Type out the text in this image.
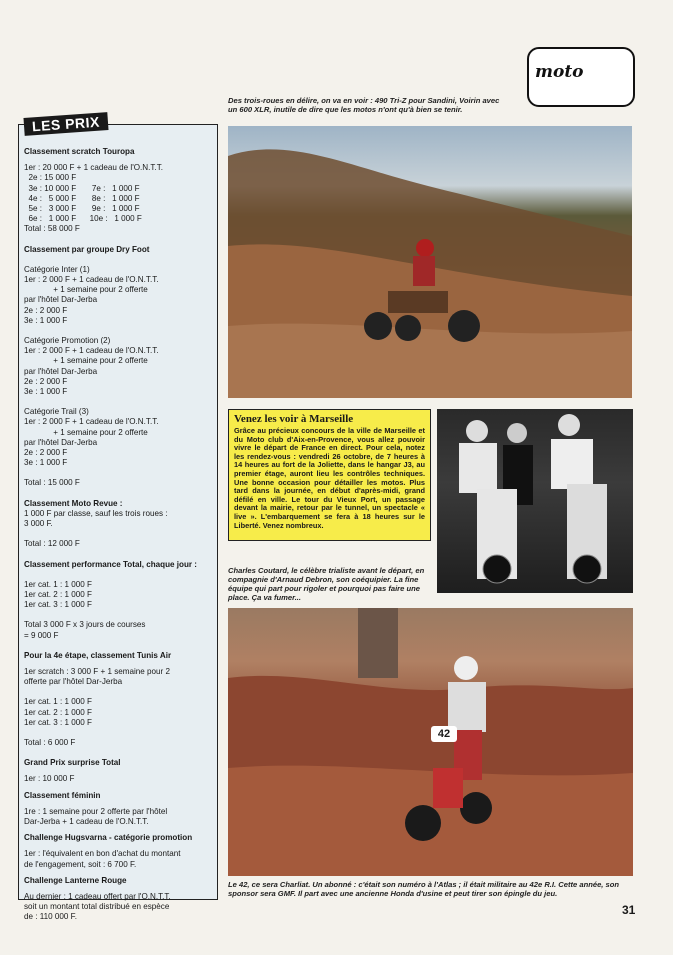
moto
Des trois-roues en délire, on va en voir : 490 Tri-Z pour Sandini, Voirin avec un 600 XLR, inutile de dire que les motos n'ont qu'à bien se tenir.

Classement scratch Touropa

1er : 20 000 F + 1 cadeau de l'O.N.T.T.

2e : 15 000 F

3e : 10 000 F       7e :   1 000 F

4e :   5 000 F       8e :   1 000 F

5e :   3 000 F       9e :   1 000 F

6e :   1 000 F      10e :   1 000 F

Total : 58 000 F

Classement par groupe Dry Foot

Catégorie Inter (1)

1er : 2 000 F + 1 cadeau de l'O.N.T.T.

+ 1 semaine pour 2 offerte

par l'hôtel Dar-Jerba

2e : 2 000 F

3e : 1 000 F

Catégorie Promotion (2)

1er : 2 000 F + 1 cadeau de l'O.N.T.T.

+ 1 semaine pour 2 offerte

par l'hôtel Dar-Jerba

2e : 2 000 F

3e : 1 000 F

Catégorie Trail (3)

1er : 2 000 F + 1 cadeau de l'O.N.T.T.

+ 1 semaine pour 2 offerte

par l'hôtel Dar-Jerba

2e : 2 000 F

3e : 1 000 F

Total : 15 000 F

Classement Moto Revue :

1 000 F par classe, sauf les trois roues :

3 000 F.

Total : 12 000 F

Classement performance Total, chaque jour :

1er cat. 1 : 1 000 F

1er cat. 2 : 1 000 F

1er cat. 3 : 1 000 F

Total 3 000 F x 3 jours de courses

= 9 000 F

Pour la 4e étape, classement Tunis Air

1er scratch : 3 000 F + 1 semaine pour 2

offerte par l'hôtel Dar-Jerba

1er cat. 1 : 1 000 F

1er cat. 2 : 1 000 F

1er cat. 3 : 1 000 F

Total : 6 000 F

Grand Prix surprise Total

1er : 10 000 F

Classement féminin

1re : 1 semaine pour 2 offerte par l'hôtel

Dar-Jerba + 1 cadeau de l'O.N.T.T.

Challenge Hugsvarna - catégorie promotion

1er : l'équivalent en bon d'achat du montant

de l'engagement, soit : 6 700 F.

Challenge Lanterne Rouge

Au dernier : 1 cadeau offert par l'O.N.T.T.

soit un montant total distribué en espèce

de : 110 000 F.

LES PRIX

Venez les voir à Marseille

Grâce au précieux concours de la ville de Marseille et du Moto club d'Aix-en-Provence, vous allez pouvoir vivre le départ de France en direct. Pour cela, notez les rendez-vous : vendredi 26 octobre, de 7 heures à 14 heures au fort de la Joliette, dans le hangar J3, au premier étage, auront lieu les contrôles techniques. Une bonne occasion pour détailler les motos. Plus tard dans la journée, en début d'après-midi, grand défilé en ville. Le tour du Vieux Port, un passage devant la mairie, retour par le tunnel, un spectacle « live ». L'embarquement se fera à 18 heures sur le Liberté. Venez nombreux.

Charles Coutard, le célèbre trialiste avant le départ, en compagnie d'Arnaud Debron, son coéquipier. La fine équipe qui part pour rigoler et pourquoi pas faire une place. Ça va fumer...
42
Le 42, ce sera Charliat. Un abonné : c'était son numéro à l'Atlas ; il était militaire au 42e R.I. Cette année, son sponsor sera GMF. Il part avec une ancienne Honda d'usine et peut tirer son épingle du jeu.
31
